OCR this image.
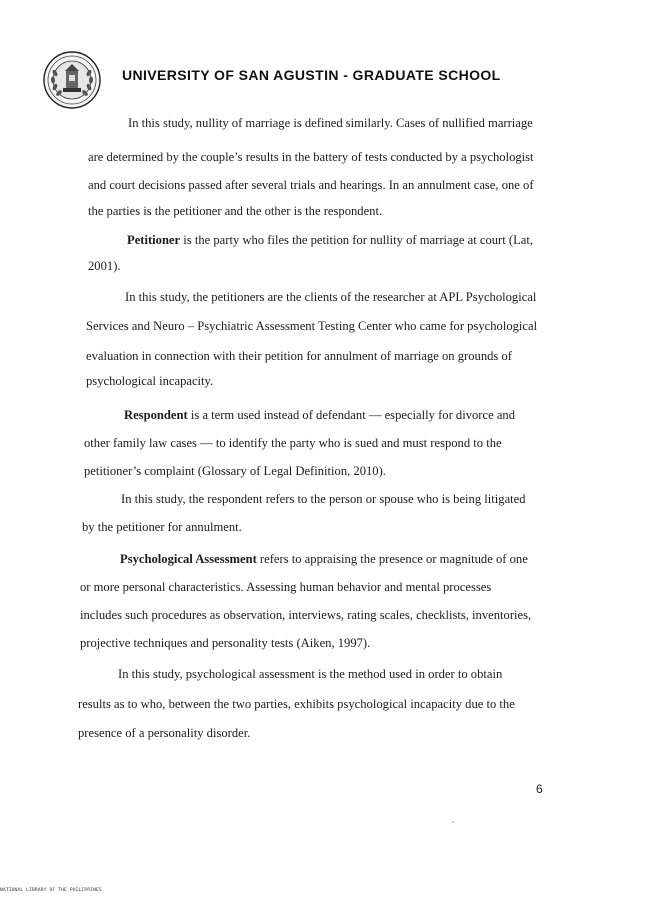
UNIVERSITY OF SAN AGUSTIN - GRADUATE SCHOOL
In this study, nullity of marriage is defined similarly. Cases of nullified marriage
are determined by the couple’s results in the battery of tests conducted by a psychologist
and court decisions passed after several trials and hearings. In an annulment case, one of
the parties is the petitioner and the other is the respondent.
Petitioner is the party who files the petition for nullity of marriage at court (Lat,
2001).
In this study, the petitioners are the clients of the researcher at APL Psychological
Services and Neuro – Psychiatric Assessment Testing Center who came for psychological
evaluation in connection with their petition for annulment of marriage on grounds of
psychological incapacity.
Respondent is a term used instead of defendant — especially for divorce and
other family law cases — to identify the party who is sued and must respond to the
petitioner’s complaint (Glossary of Legal Definition, 2010).
In this study, the respondent refers to the person or spouse who is being litigated
by the petitioner for annulment.
Psychological Assessment refers to appraising the presence or magnitude of one
or more personal characteristics. Assessing human behavior and mental processes
includes such procedures as observation, interviews, rating scales, checklists, inventories,
projective techniques and personality tests (Aiken, 1997).
In this study, psychological assessment is the method used in order to obtain
results as to who, between the two parties, exhibits psychological incapacity due to the
presence of a personality disorder.
6
NATIONAL LIBRARY OF THE PHILIPPINES
